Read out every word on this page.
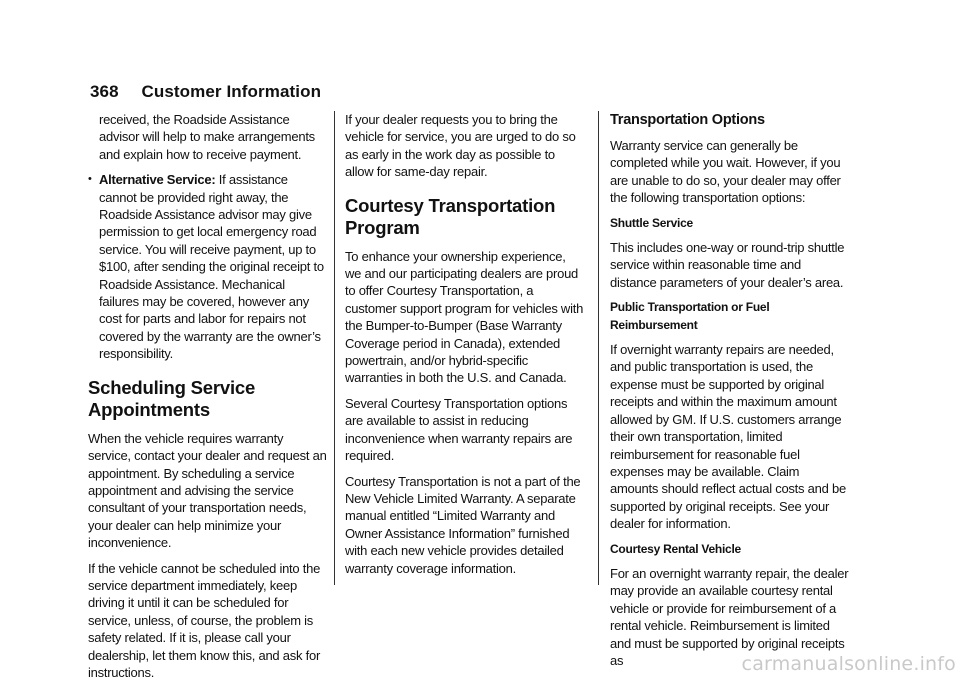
368 Customer Information

received, the Roadside Assistance advisor will help to make arrangements and explain how to receive payment.

• Alternative Service: If assistance cannot be provided right away, the Roadside Assistance advisor may give permission to get local emergency road service. You will receive payment, up to $100, after sending the original receipt to Roadside Assistance. Mechanical failures may be covered, however any cost for parts and labor for repairs not covered by the warranty are the owner’s responsibility.
Scheduling Service Appointments

When the vehicle requires warranty service, contact your dealer and request an appointment. By scheduling a service appointment and advising the service consultant of your transportation needs, your dealer can help minimize your inconvenience.

If the vehicle cannot be scheduled into the service department immediately, keep driving it until it can be scheduled for service, unless, of course, the problem is safety related. If it is, please call your dealership, let them know this, and ask for instructions.

If your dealer requests you to bring the vehicle for service, you are urged to do so as early in the work day as possible to allow for same-day repair.

Courtesy Transportation Program

To enhance your ownership experience, we and our participating dealers are proud to offer Courtesy Transportation, a customer support program for vehicles with the Bumper-to-Bumper (Base Warranty Coverage period in Canada), extended powertrain, and/or hybrid-specific warranties in both the U.S. and Canada.

Several Courtesy Transportation options are available to assist in reducing inconvenience when warranty repairs are required.

Courtesy Transportation is not a part of the New Vehicle Limited Warranty. A separate manual entitled “Limited Warranty and Owner Assistance Information” furnished with each new vehicle provides detailed warranty coverage information.

Transportation Options

Warranty service can generally be completed while you wait. However, if you are unable to do so, your dealer may offer the following transportation options:

Shuttle Service

This includes one-way or round-trip shuttle service within reasonable time and distance parameters of your dealer’s area.

Public Transportation or Fuel Reimbursement

If overnight warranty repairs are needed, and public transportation is used, the expense must be supported by original receipts and within the maximum amount allowed by GM. If U.S. customers arrange their own transportation, limited reimbursement for reasonable fuel expenses may be available. Claim amounts should reflect actual costs and be supported by original receipts. See your dealer for information.

Courtesy Rental Vehicle

For an overnight warranty repair, the dealer may provide an available courtesy rental vehicle or provide for reimbursement of a rental vehicle. Reimbursement is limited and must be supported by original receipts as	carmanualsonline.info
